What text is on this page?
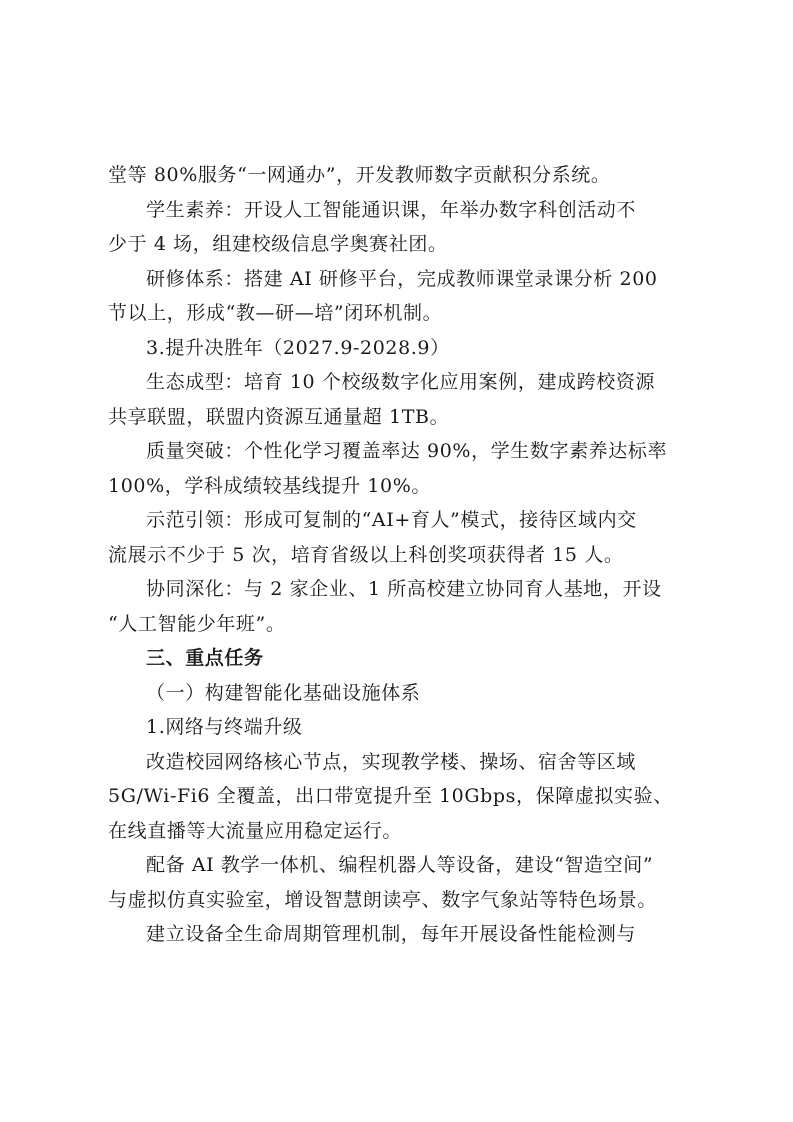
堂等 80%服务“一网通办”，开发教师数字贡献积分系统。
学生素养：开设人工智能通识课，年举办数字科创活动不
少于 4 场，组建校级信息学奥赛社团。
研修体系：搭建 AI 研修平台，完成教师课堂录课分析 200
节以上，形成“教—研—培”闭环机制。
3.提升决胜年（2027.9-2028.9）
生态成型：培育 10 个校级数字化应用案例，建成跨校资源
共享联盟，联盟内资源互通量超 1TB。
质量突破：个性化学习覆盖率达 90%，学生数字素养达标率
100%，学科成绩较基线提升 10%。
示范引领：形成可复制的“AI+育人”模式，接待区域内交
流展示不少于 5 次，培育省级以上科创奖项获得者 15 人。
协同深化：与 2 家企业、1 所高校建立协同育人基地，开设
“人工智能少年班”。
三、重点任务
（一）构建智能化基础设施体系
1.网络与终端升级
改造校园网络核心节点，实现教学楼、操场、宿舍等区域
5G/Wi-Fi6 全覆盖，出口带宽提升至 10Gbps，保障虚拟实验、
在线直播等大流量应用稳定运行。
配备 AI 教学一体机、编程机器人等设备，建设“智造空间”
与虚拟仿真实验室，增设智慧朗读亭、数字气象站等特色场景。
建立设备全生命周期管理机制，每年开展设备性能检测与
